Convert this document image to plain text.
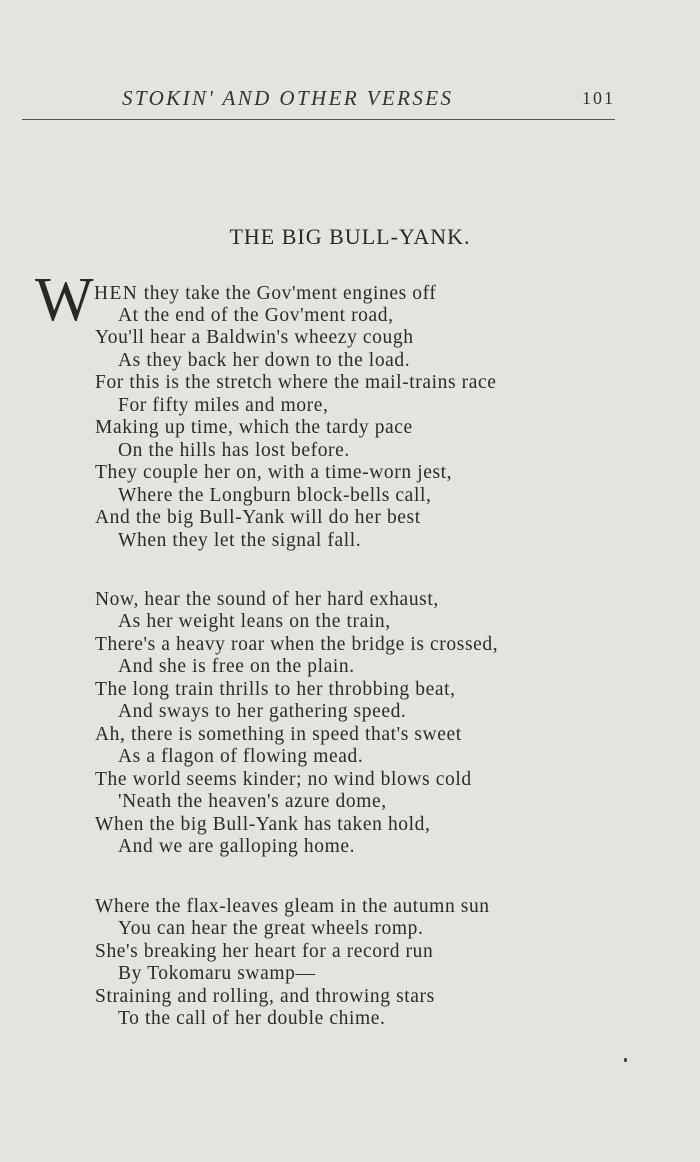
STOKIN' AND OTHER VERSES	101
THE BIG BULL-YANK.
W HEN they take the Gov'ment engines off
At the end of the Gov'ment road,
You'll hear a Baldwin's wheezy cough
As they back her down to the load.
For this is the stretch where the mail-trains race
For fifty miles and more,
Making up time, which the tardy pace
On the hills has lost before.
They couple her on, with a time-worn jest,
Where the Longburn block-bells call,
And the big Bull-Yank will do her best
When they let the signal fall.
Now, hear the sound of her hard exhaust,
As her weight leans on the train,
There's a heavy roar when the bridge is crossed,
And she is free on the plain.
The long train thrills to her throbbing beat,
And sways to her gathering speed.
Ah, there is something in speed that's sweet
As a flagon of flowing mead.
The world seems kinder; no wind blows cold
'Neath the heaven's azure dome,
When the big Bull-Yank has taken hold,
And we are galloping home.
Where the flax-leaves gleam in the autumn sun
You can hear the great wheels romp.
She's breaking her heart for a record run
By Tokomaru swamp—
Straining and rolling, and throwing stars
To the call of her double chime.
